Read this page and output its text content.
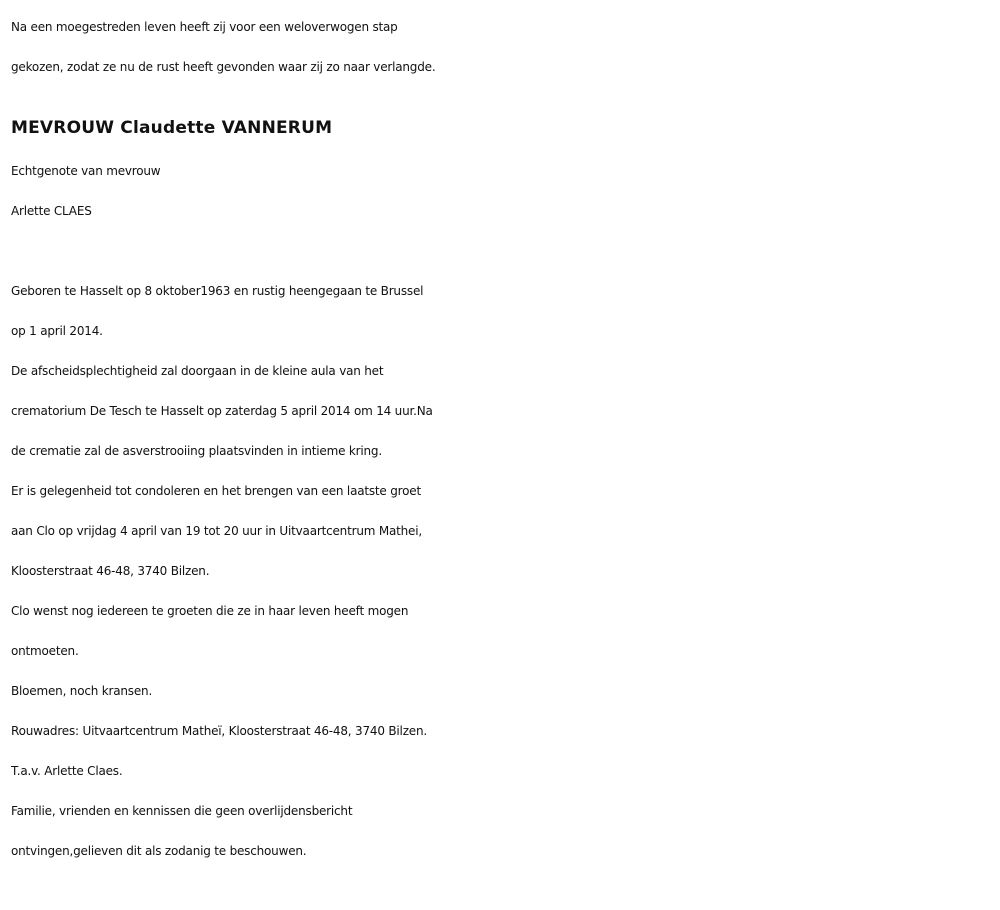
Na een moegestreden leven heeft zij voor een weloverwogen stap
gekozen, zodat ze nu de rust heeft gevonden waar zij zo naar verlangde.
MEVROUW Claudette VANNERUM
Echtgenote van mevrouw
Arlette CLAES
Geboren te Hasselt op 8 oktober1963 en rustig heengegaan te Brussel
op 1 april 2014.
De afscheidsplechtigheid zal doorgaan in de kleine aula van het
crematorium De Tesch te Hasselt op zaterdag 5 april 2014 om 14 uur.Na
de crematie zal de asverstrooiing plaatsvinden in intieme kring.
Er is gelegenheid tot condoleren en het brengen van een laatste groet
aan Clo op vrijdag 4 april van 19 tot 20 uur in Uitvaartcentrum Mathei,
Kloosterstraat 46-48, 3740 Bilzen.
Clo wenst nog iedereen te groeten die ze in haar leven heeft mogen
ontmoeten.
Bloemen, noch kransen.
Rouwadres: Uitvaartcentrum Matheï, Kloosterstraat 46-48, 3740 Bilzen.
T.a.v. Arlette Claes.
Familie, vrienden en kennissen die geen overlijdensbericht
ontvingen,gelieven dit als zodanig te beschouwen.
